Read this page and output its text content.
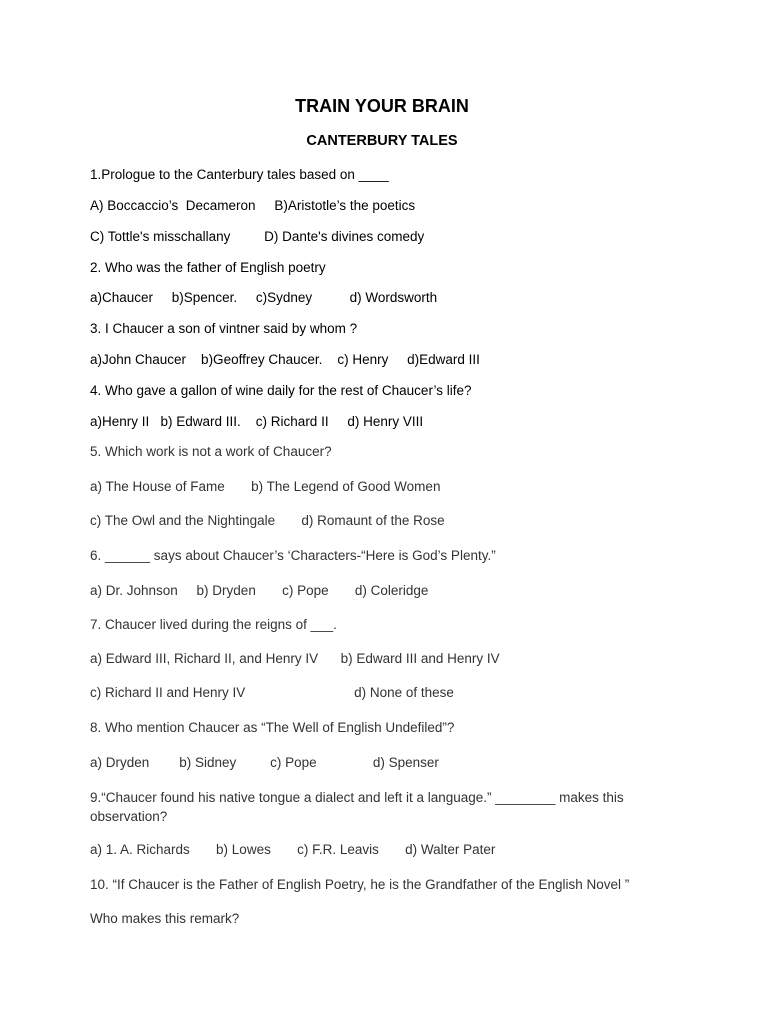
TRAIN YOUR BRAIN
CANTERBURY TALES
1.Prologue to the Canterbury tales based on ____
A) Boccaccio’s  Decameron     B)Aristotle’s the poetics
C) Tottle's misschallany         D) Dante's divines comedy
2. Who was the father of English poetry
a)Chaucer     b)Spencer.     c)Sydney          d) Wordsworth
3. I Chaucer a son of vintner said by whom ?
a)John Chaucer    b)Geoffrey Chaucer.    c) Henry     d)Edward III
4. Who gave a gallon of wine daily for the rest of Chaucer’s life?
a)Henry II   b) Edward III.    c) Richard II     d) Henry VIII
5. Which work is not a work of Chaucer?
a) The House of Fame       b) The Legend of Good Women
c) The Owl and the Nightingale       d) Romaunt of the Rose
6. ______ says about Chaucer’s ‘Characters-“Here is God’s Plenty.”
a) Dr. Johnson     b) Dryden       c) Pope       d) Coleridge
7. Chaucer lived during the reigns of ___.
a) Edward III, Richard II, and Henry IV      b) Edward III and Henry IV
c) Richard II and Henry IV                             d) None of these
8. Who mention Chaucer as “The Well of English Undefiled”?
a) Dryden        b) Sidney         c) Pope               d) Spenser
9.“Chaucer found his native tongue a dialect and left it a language.” ________ makes this observation?
a) 1. A. Richards       b) Lowes       c) F.R. Leavis       d) Walter Pater
10. “If Chaucer is the Father of English Poetry, he is the Grandfather of the English Novel ”
Who makes this remark?
